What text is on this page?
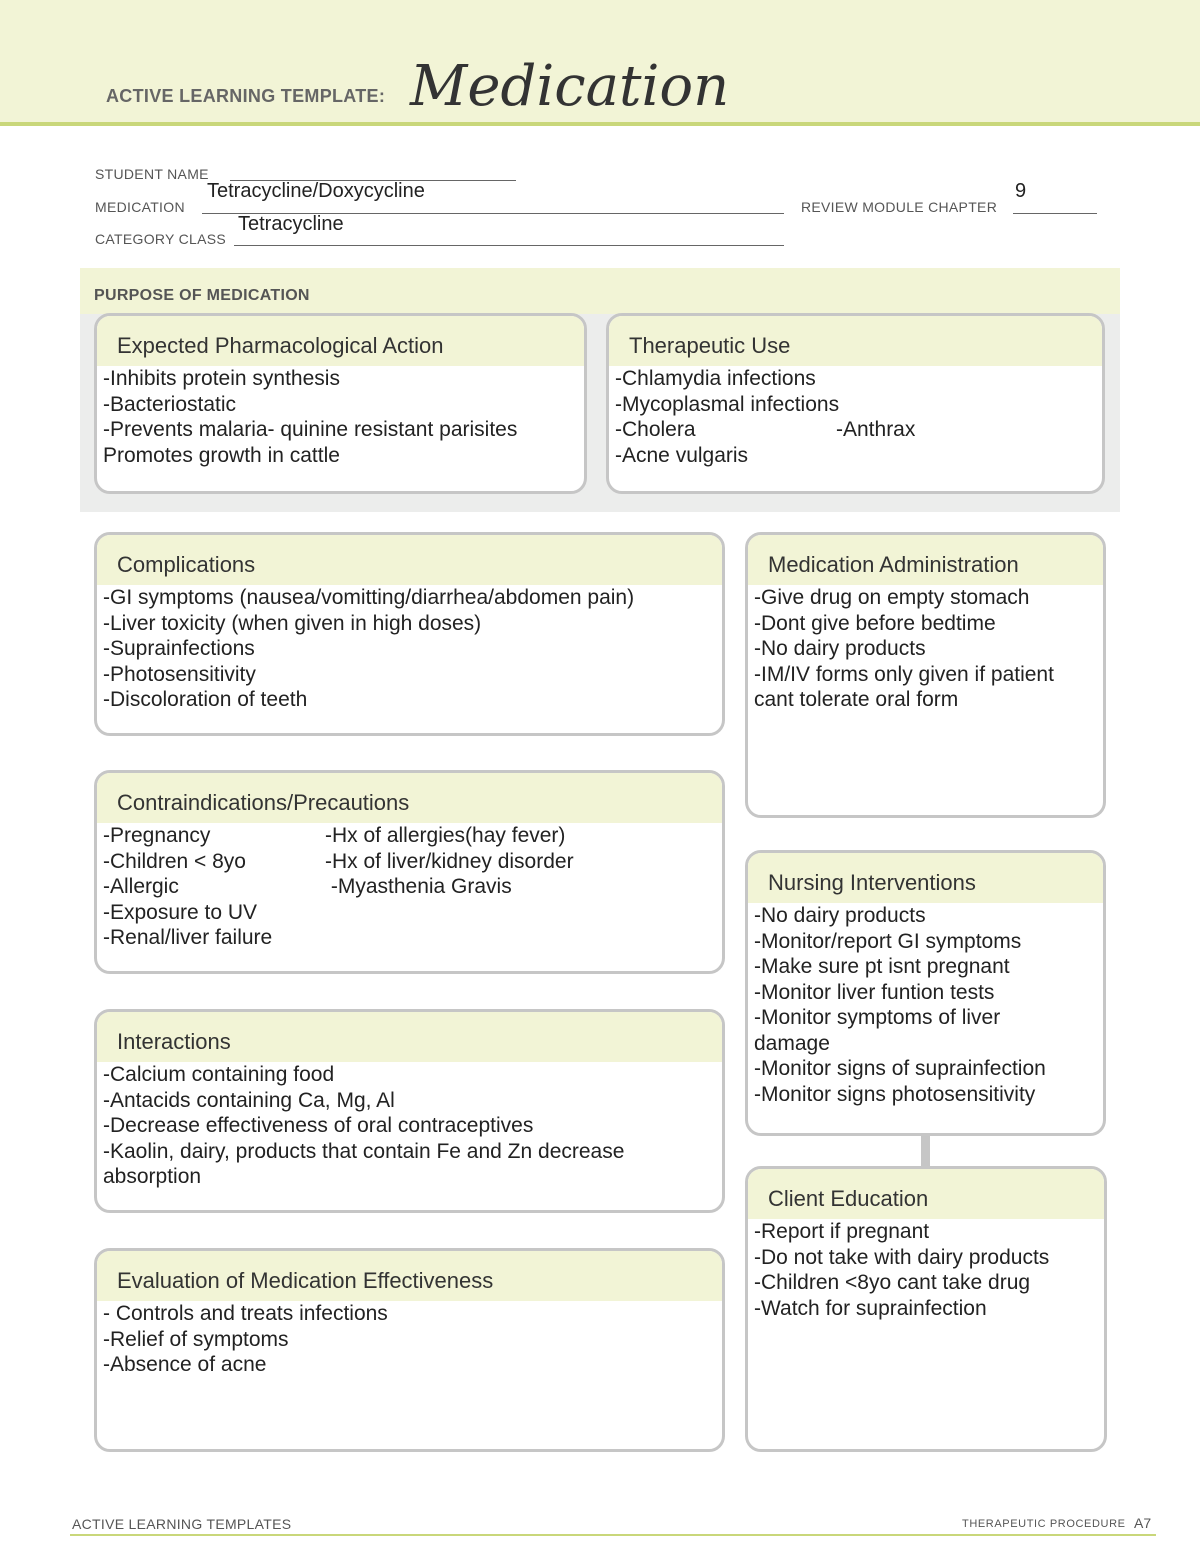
ACTIVE LEARNING TEMPLATE: Medication
STUDENT NAME
MEDICATION
Tetracycline/Doxycycline
REVIEW MODULE CHAPTER
9
CATEGORY CLASS
Tetracycline
PURPOSE OF MEDICATION
Expected Pharmacological Action
-Inhibits protein synthesis
-Bacteriostatic
-Prevents malaria- quinine resistant parisites
Promotes growth in cattle
Therapeutic Use
-Chlamydia infections
-Mycoplasmal infections
-Cholera
-Acne vulgaris
-Anthrax
Complications
-GI symptoms (nausea/vomitting/diarrhea/abdomen pain)
-Liver toxicity (when given in high doses)
-Suprainfections
-Photosensitivity
-Discoloration of teeth
Contraindications/Precautions
-Pregnancy
-Children < 8yo
-Allergic
-Exposure to UV
-Renal/liver failure
-Hx of allergies(hay fever)
-Hx of liver/kidney disorder
-Myasthenia Gravis
Interactions
-Calcium containing food
-Antacids containing Ca, Mg, Al
-Decrease effectiveness of oral contraceptives
-Kaolin, dairy, products that contain Fe and Zn decrease
absorption
Evaluation of Medication Effectiveness
- Controls and treats infections
-Relief of symptoms
-Absence of acne
Medication Administration
-Give drug on empty stomach
-Dont give before bedtime
-No dairy products
-IM/IV forms only given if patient
cant tolerate oral form
Nursing Interventions
-No dairy products
-Monitor/report GI symptoms
-Make sure pt isnt pregnant
-Monitor liver funtion tests
-Monitor symptoms of liver
damage
-Monitor signs of suprainfection
-Monitor signs photosensitivity
Client Education
-Report if pregnant
-Do not take with dairy products
-Children <8yo cant take drug
-Watch for suprainfection
ACTIVE LEARNING TEMPLATES	THERAPEUTIC PROCEDURE A7
